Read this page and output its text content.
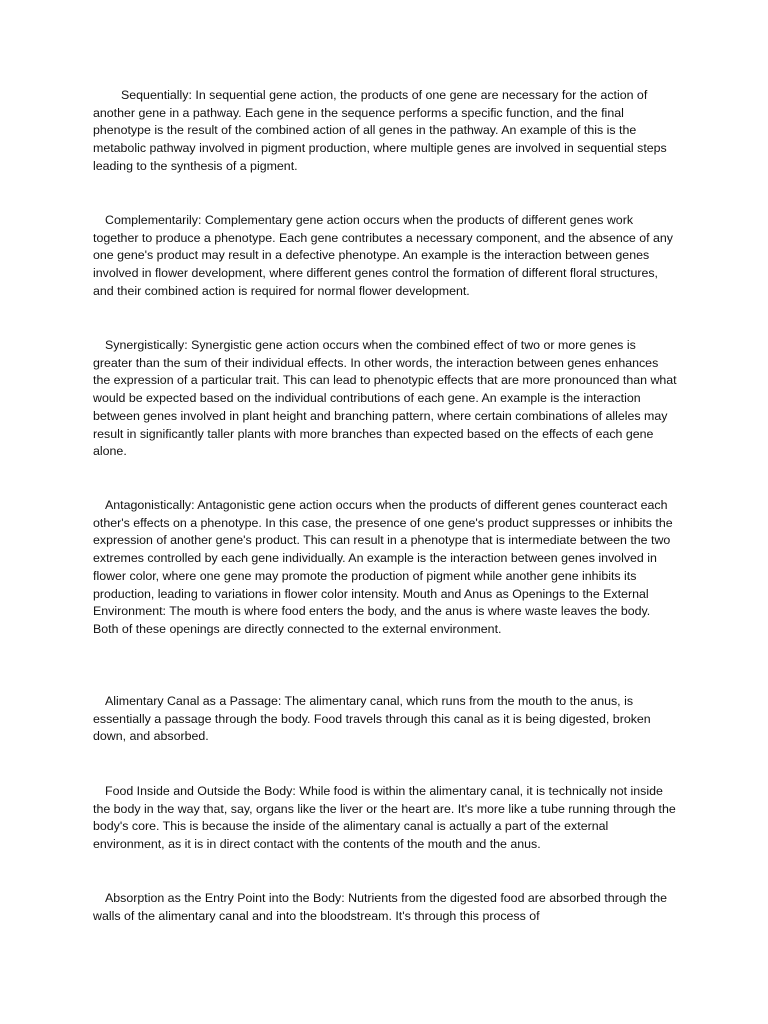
Sequentially: In sequential gene action, the products of one gene are necessary for the action of another gene in a pathway. Each gene in the sequence performs a specific function, and the final phenotype is the result of the combined action of all genes in the pathway. An example of this is the metabolic pathway involved in pigment production, where multiple genes are involved in sequential steps leading to the synthesis of a pigment.

Complementarily: Complementary gene action occurs when the products of different genes work together to produce a phenotype. Each gene contributes a necessary component, and the absence of any one gene's product may result in a defective phenotype. An example is the interaction between genes involved in flower development, where different genes control the formation of different floral structures, and their combined action is required for normal flower development.

Synergistically: Synergistic gene action occurs when the combined effect of two or more genes is greater than the sum of their individual effects. In other words, the interaction between genes enhances the expression of a particular trait. This can lead to phenotypic effects that are more pronounced than what would be expected based on the individual contributions of each gene. An example is the interaction between genes involved in plant height and branching pattern, where certain combinations of alleles may result in significantly taller plants with more branches than expected based on the effects of each gene alone.

Antagonistically: Antagonistic gene action occurs when the products of different genes counteract each other's effects on a phenotype. In this case, the presence of one gene's product suppresses or inhibits the expression of another gene's product. This can result in a phenotype that is intermediate between the two extremes controlled by each gene individually. An example is the interaction between genes involved in flower color, where one gene may promote the production of pigment while another gene inhibits its production, leading to variations in flower color intensity. Mouth and Anus as Openings to the External Environment: The mouth is where food enters the body, and the anus is where waste leaves the body. Both of these openings are directly connected to the external environment.

Alimentary Canal as a Passage: The alimentary canal, which runs from the mouth to the anus, is essentially a passage through the body. Food travels through this canal as it is being digested, broken down, and absorbed.

Food Inside and Outside the Body: While food is within the alimentary canal, it is technically not inside the body in the way that, say, organs like the liver or the heart are. It's more like a tube running through the body's core. This is because the inside of the alimentary canal is actually a part of the external environment, as it is in direct contact with the contents of the mouth and the anus.

Absorption as the Entry Point into the Body: Nutrients from the digested food are absorbed through the walls of the alimentary canal and into the bloodstream. It's through this process of
